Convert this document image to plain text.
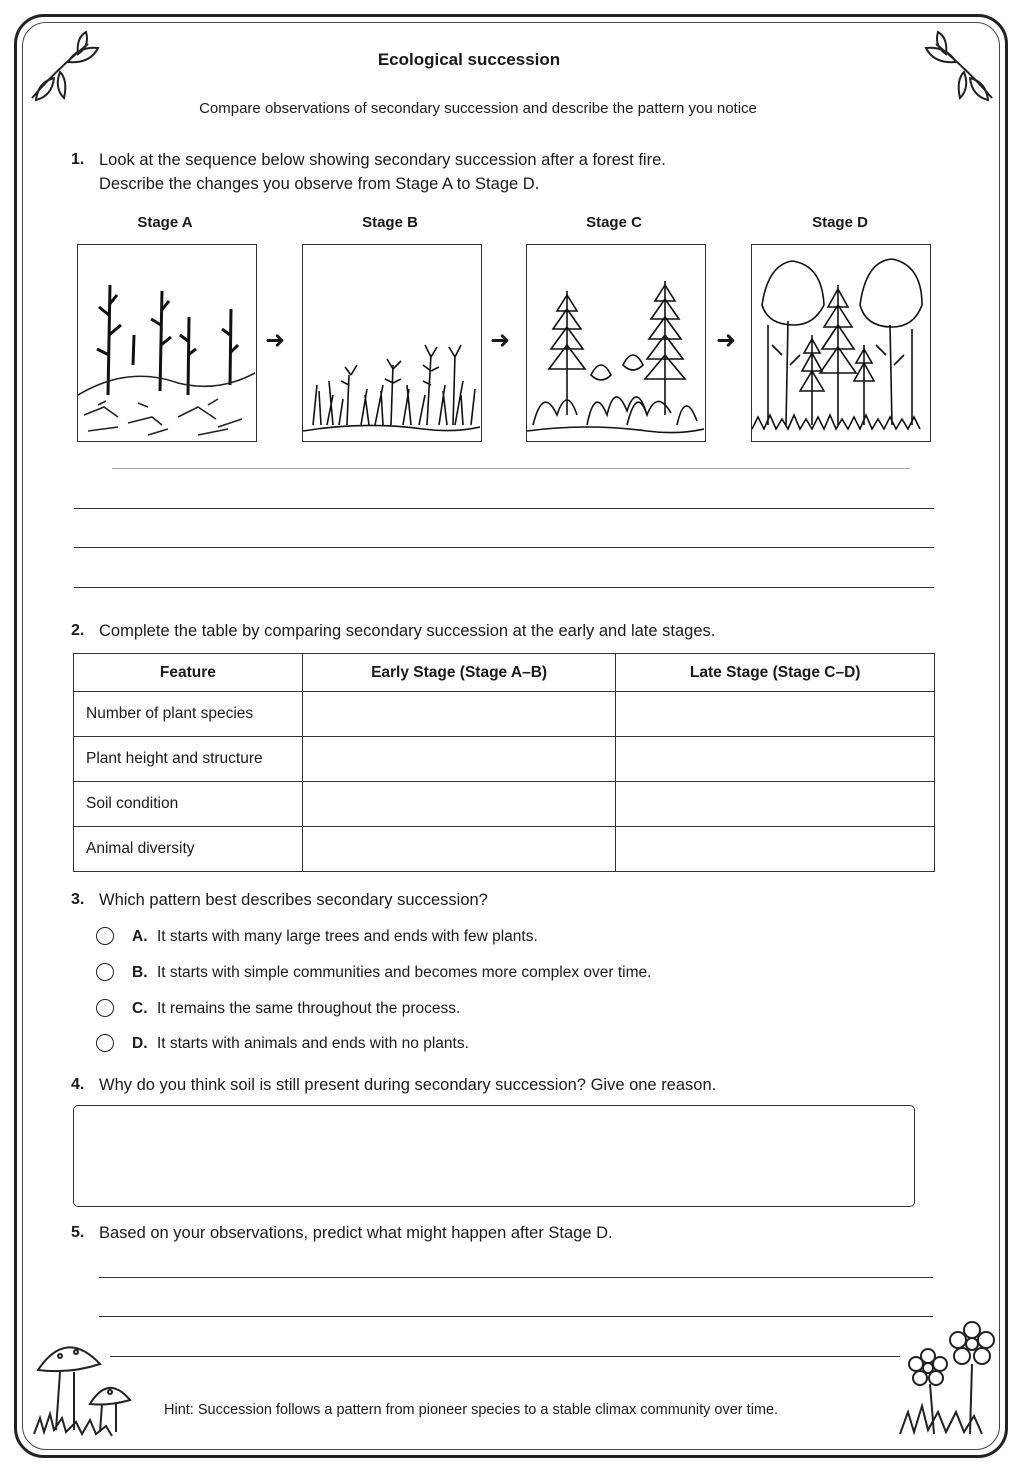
Ecological succession
Compare observations of secondary succession and describe the pattern you notice
1. Look at the sequence below showing secondary succession after a forest fire.
Describe the changes you observe from Stage A to Stage D.
Stage A	Stage B	Stage C	Stage D
➜	➜	➜
2. Complete the table by comparing secondary succession at the early and late stages.
Feature	Early Stage (Stage A–B)	Late Stage (Stage C–D)
Number of plant species		
Plant height and structure		
Soil condition		
Animal diversity		
3. Which pattern best describes secondary succession?
A. It starts with many large trees and ends with few plants.
B. It starts with simple communities and becomes more complex over time.
C. It remains the same throughout the process.
D. It starts with animals and ends with no plants.
4. Why do you think soil is still present during secondary succession? Give one reason.
5. Based on your observations, predict what might happen after Stage D.
Hint: Succession follows a pattern from pioneer species to a stable climax community over time.
